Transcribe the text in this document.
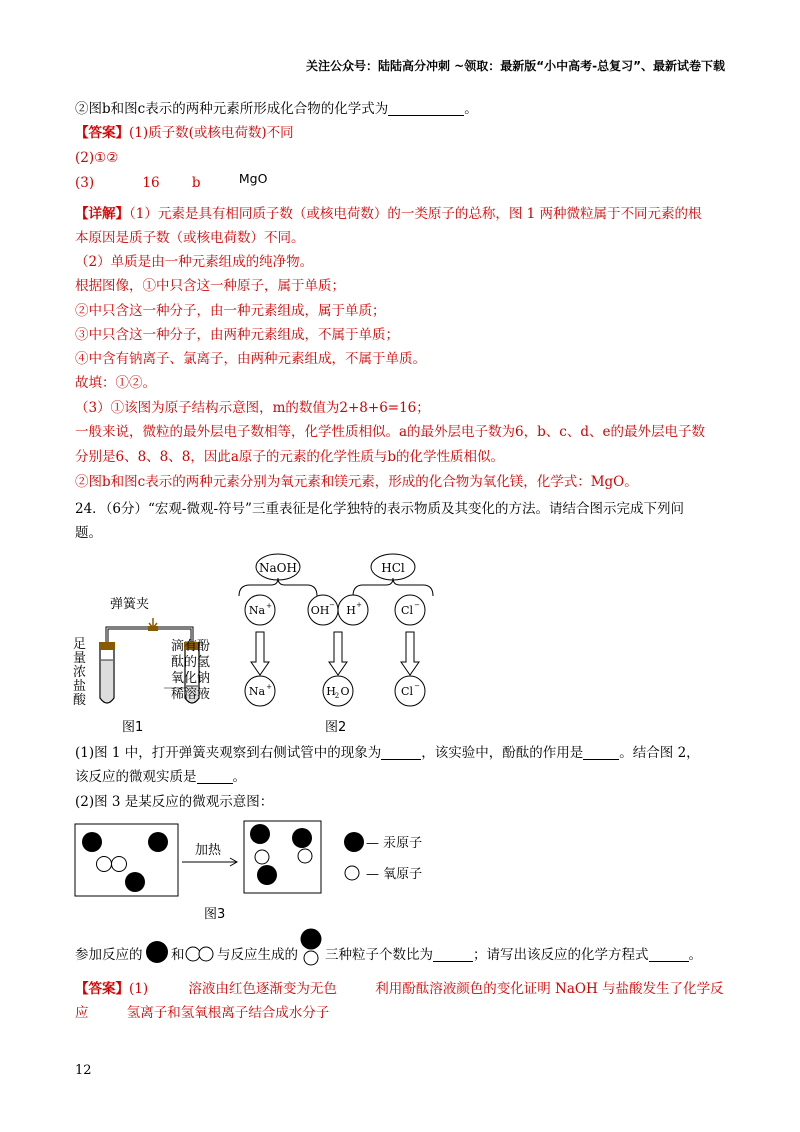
关注公众号：陆陆高分冲刺 ~领取：最新版“小中高考-总复习”、最新试卷下载
②图b和图c表示的两种元素所形成化合物的化学式为	。
【答案】(1)质子数(或核电荷数)不同
(2)①②
(3)	16 b	MgO
【详解】（1）元素是具有相同质子数（或核电荷数）的一类原子的总称，图 1 两种微粒属于不同元素的根
本原因是质子数（或核电荷数）不同。
（2）单质是由一种元素组成的纯净物。
根据图像，①中只含这一种原子，属于单质；
②中只含这一种分子，由一种元素组成，属于单质；
③中只含这一种分子，由两种元素组成，不属于单质；
④中含有钠离子、氯离子，由两种元素组成，不属于单质。
故填：①②。
（3）①该图为原子结构示意图，m的数值为2+8+6=16；
一般来说，微粒的最外层电子数相等，化学性质相似。a的最外层电子数为6，b、c、d、e的最外层电子数
分别是6、8、8、8，因此a原子的元素的化学性质与b的化学性质相似。
②图b和图c表示的两种元素分别为氧元素和镁元素，形成的化合物为氧化镁，化学式：MgO。
24．（6分）“宏观-微观-符号”三重表征是化学独特的表示物质及其变化的方法。请结合图示完成下列问
题。
弹簧夹
足
量
浓
盐
酸
滴有酚
酞的氢
氧化钠
稀溶液
图1
NaOH	HCl
Na +	OH − H +	Cl −
Na +	H
2 O	Cl −
图2
(1)图 1 中，打开弹簧夹观察到右侧试管中的现象为	，该实验中，酚酞的作用是	。结合图 2，
该反应的微观实质是	。
(2)图 3 是某反应的微观示意图：
加热	— 汞原子
— 氧原子
图3
参加反应的 和 与反应生成的 三种粒子个数比为	；请写出该反应的化学方程式	。
【答案】(1)	溶液由红色逐渐变为无色	利用酚酞溶液颜色的变化证明 NaOH 与盐酸发生了化学反
应	氢离子和氢氧根离子结合成水分子
12
